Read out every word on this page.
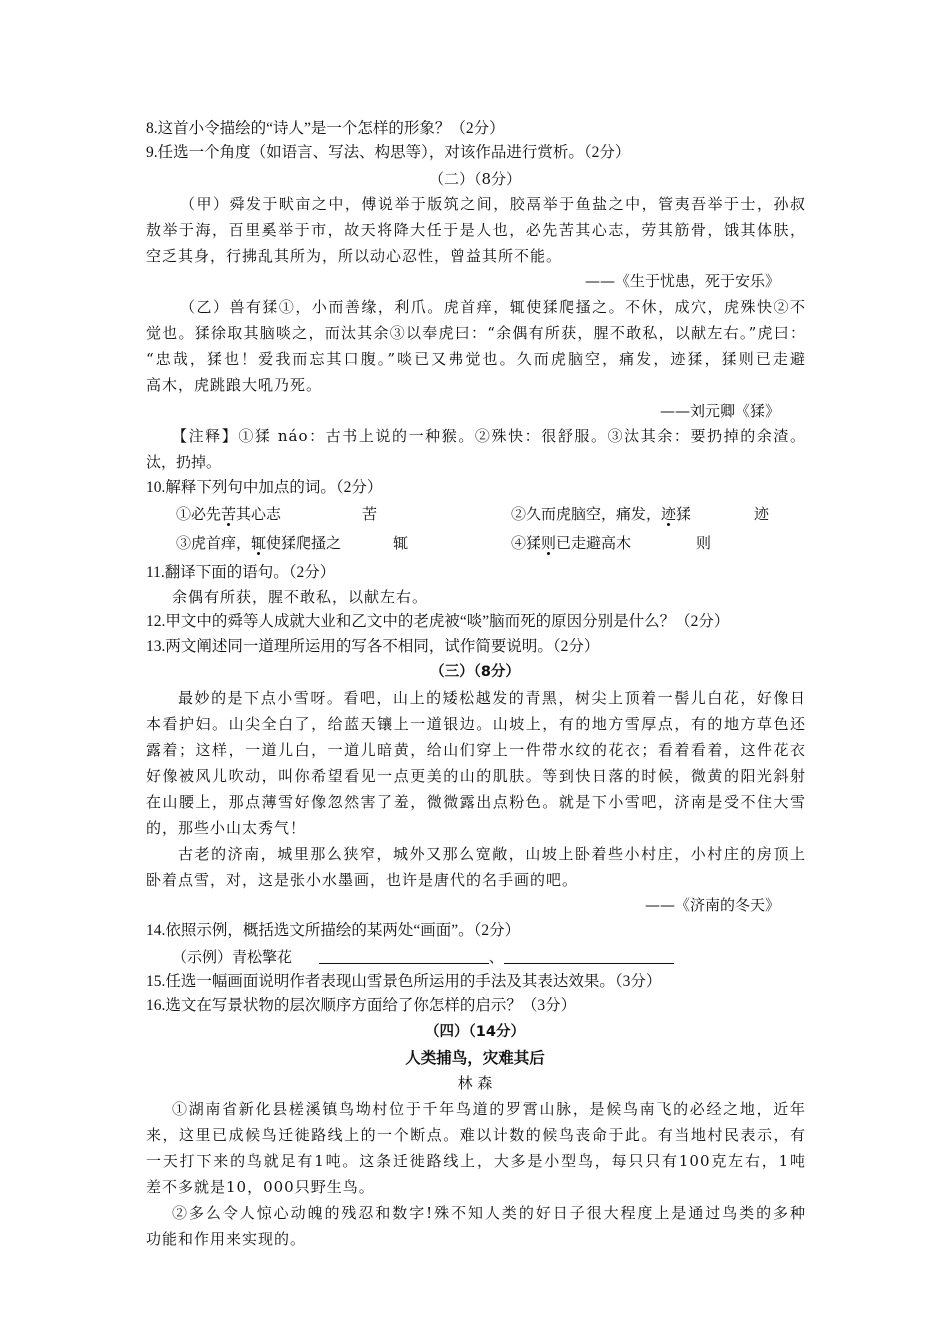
8.这首小令描绘的“诗人”是一个怎样的形象？（2分）
9.任选一个角度（如语言、写法、构思等），对该作品进行赏析。（2分）
（二）（8分）
（甲）舜发于畎亩之中，傅说举于版筑之间，胶鬲举于鱼盐之中，管夷吾举于士，孙叔
敖举于海，百里奚举于市，故天将降大任于是人也，必先苦其心志，劳其筋骨，饿其体肤，
空乏其身，行拂乱其所为，所以动心忍性，曾益其所不能。
——《生于忧患，死于安乐》
（乙）兽有猱①，小而善缘，利爪。虎首痒，辄使猱爬搔之。不休，成穴，虎殊快②不
觉也。猱徐取其脑啖之，而汰其余③以奉虎曰：“余偶有所获，腥不敢私，以献左右。”虎曰：
“忠哉，猱也！爱我而忘其口腹。”啖已又弗觉也。久而虎脑空，痛发，迹猱，猱则已走避
高木，虎跳踉大吼乃死。
——刘元卿《猱》
【注释】①猱 náo：古书上说的一种猴。②殊快：很舒服。③汰其余：要扔掉的余渣。
汰，扔掉。
10.解释下列句中加点的词。（2分）
①必先苦其心志	苦	②久而虎脑空，痛发，迹猱	迹
③虎首痒，辄使猱爬搔之	辄	④猱则已走避高木	则
11.翻译下面的语句。（2分）
余偶有所获，腥不敢私，以献左右。
12.甲文中的舜等人成就大业和乙文中的老虎被“啖”脑而死的原因分别是什么？（2分）
13.两文阐述同一道理所运用的写各不相同，试作简要说明。（2分）
（三）（8分）
最妙的是下点小雪呀。看吧，山上的矮松越发的青黑，树尖上顶着一髻儿白花，好像日
本看护妇。山尖全白了，给蓝天镶上一道银边。山坡上，有的地方雪厚点，有的地方草色还
露着；这样，一道儿白，一道儿暗黄，给山们穿上一件带水纹的花衣；看着看着，这件花衣
好像被风儿吹动，叫你希望看见一点更美的山的肌肤。等到快日落的时候，微黄的阳光斜射
在山腰上，那点薄雪好像忽然害了羞，微微露出点粉色。就是下小雪吧，济南是受不住大雪
的，那些小山太秀气！
古老的济南，城里那么狭窄，城外又那么宽敞，山坡上卧着些小村庄，小村庄的房顶上
卧着点雪，对，这是张小水墨画，也许是唐代的名手画的吧。
——《济南的冬天》
14.依照示例，概括选文所描绘的某两处“画面”。（2分）
（示例）青松擎花	、
15.任选一幅画面说明作者表现山雪景色所运用的手法及其表达效果。（3分）
16.选文在写景状物的层次顺序方面给了你怎样的启示？（3分）
（四）（14分）
人类捕鸟，灾难其后
林 森
①湖南省新化县槎溪镇鸟坳村位于千年鸟道的罗霄山脉，是候鸟南飞的必经之地，近年
来，这里已成候鸟迁徙路线上的一个断点。难以计数的候鸟丧命于此。有当地村民表示，有
一天打下来的鸟就足有1吨。这条迁徙路线上，大多是小型鸟，每只只有100克左右，1吨
差不多就是10，000只野生鸟。
②多么令人惊心动魄的残忍和数字!殊不知人类的好日子很大程度上是通过鸟类的多种
功能和作用来实现的。
